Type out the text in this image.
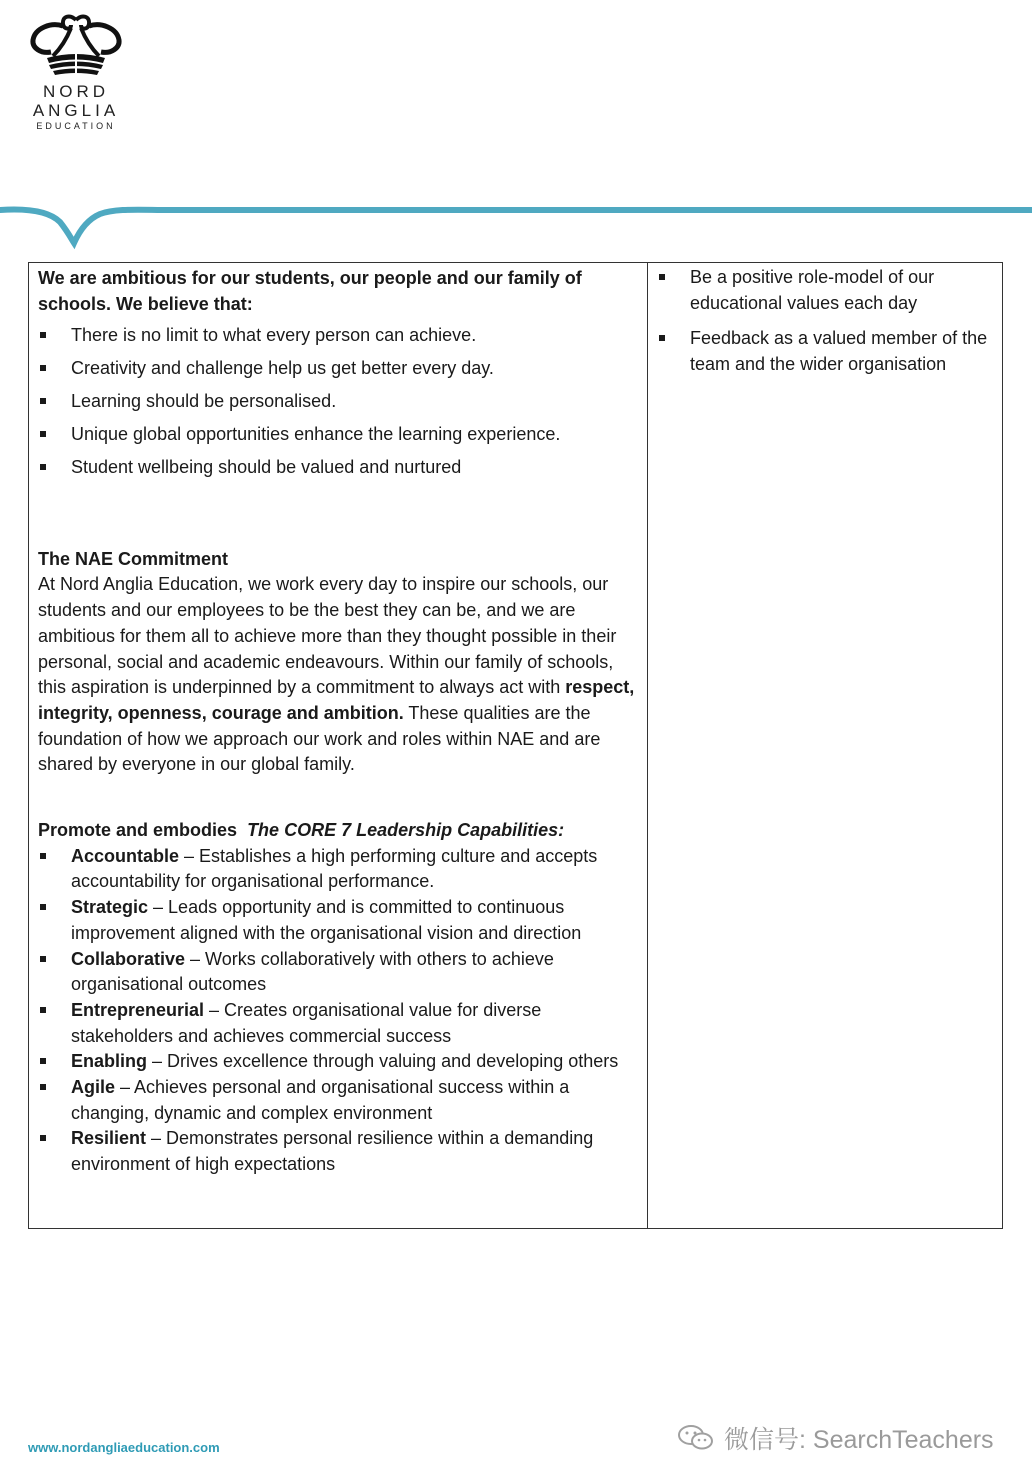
NORD
ANGLIA
EDUCATION
We are ambitious for our students, our people and our family of schools. We believe that:
There is no limit to what every person can achieve.
Creativity and challenge help us get better every day.
Learning should be personalised.
Unique global opportunities enhance the learning experience.
Student wellbeing should be valued and nurtured
The NAE Commitment
At Nord Anglia Education, we work every day to inspire our schools, our students and our employees to be the best they can be, and we are ambitious for them all to achieve more than they thought possible in their personal, social and academic endeavours. Within our family of schools, this aspiration is underpinned by a commitment to always act with respect, integrity, openness, courage and ambition. These qualities are the foundation of how we approach our work and roles within NAE and are shared by everyone in our global family.
Promote and embodies The CORE 7 Leadership Capabilities:
Accountable – Establishes a high performing culture and accepts accountability for organisational performance.
Strategic – Leads opportunity and is committed to continuous improvement aligned with the organisational vision and direction
Collaborative – Works collaboratively with others to achieve organisational outcomes
Entrepreneurial – Creates organisational value for diverse stakeholders and achieves commercial success
Enabling – Drives excellence through valuing and developing others
Agile – Achieves personal and organisational success within a changing, dynamic and complex environment
Resilient – Demonstrates personal resilience within a demanding environment of high expectations
Be a positive role-model of our educational values each day
Feedback as a valued member of the team and the wider organisation
www.nordangliaeducation.com	微信号: SearchTeachers
